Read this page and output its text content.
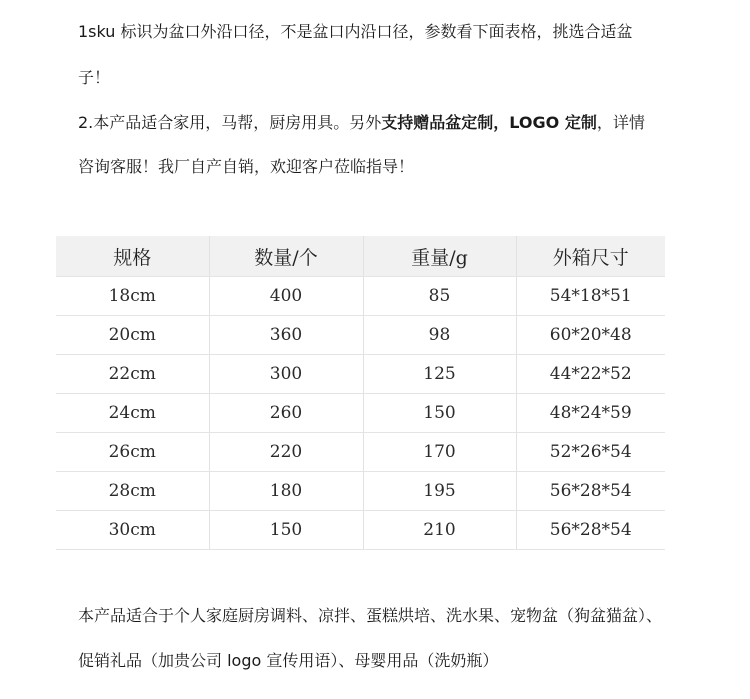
1sku 标识为盆口外沿口径，不是盆口内沿口径，参数看下面表格，挑选合适盆
子！
2.本产品适合家用，马帮，厨房用具。另外支持赠品盆定制，LOGO 定制，详情
咨询客服！我厂自产自销，欢迎客户莅临指导！
规格	数量/个	重量/g	外箱尺寸
18cm	400	85	54*18*51
20cm	360	98	60*20*48
22cm	300	125	44*22*52
24cm	260	150	48*24*59
26cm	220	170	52*26*54
28cm	180	195	56*28*54
30cm	150	210	56*28*54
本产品适合于个人家庭厨房调料、凉拌、蛋糕烘培、洗水果、宠物盆（狗盆猫盆）、
促销礼品（加贵公司 logo 宣传用语）、母婴用品（洗奶瓶）
